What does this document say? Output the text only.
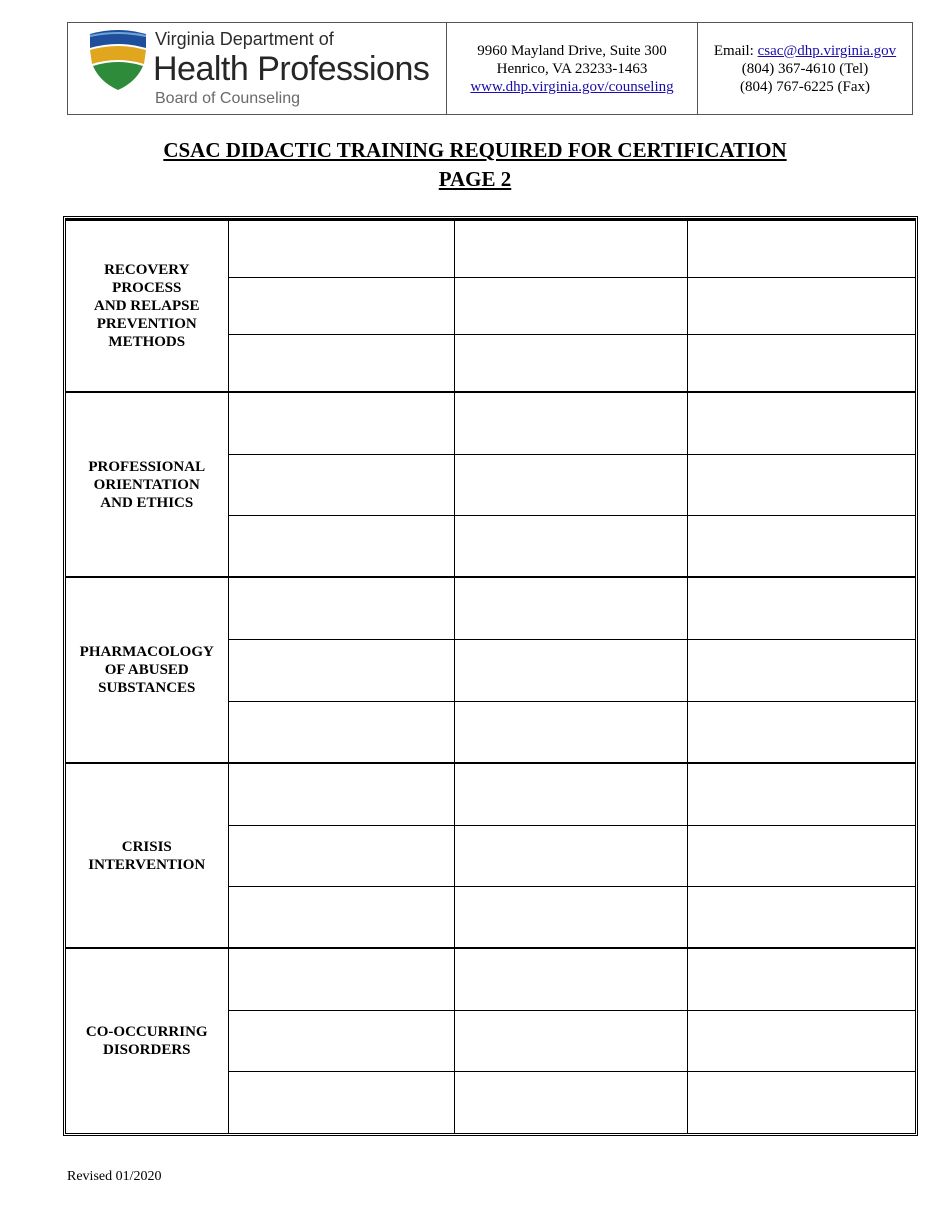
Virginia Department of
Health Professions
Board of Counseling
9960 Mayland Drive, Suite 300
Henrico, VA 23233-1463
www.dhp.virginia.gov/counseling
Email: csac@dhp.virginia.gov
(804) 367-4610 (Tel)
(804) 767-6225 (Fax)
CSAC DIDACTIC TRAINING REQUIRED FOR CERTIFICATION
PAGE 2
RECOVERY
PROCESS
AND RELAPSE
PREVENTION
METHODS			

PROFESSIONAL
ORIENTATION
AND ETHICS			

PHARMACOLOGY
OF ABUSED
SUBSTANCES			

CRISIS
INTERVENTION			

CO-OCCURRING
DISORDERS			

Revised 01/2020
